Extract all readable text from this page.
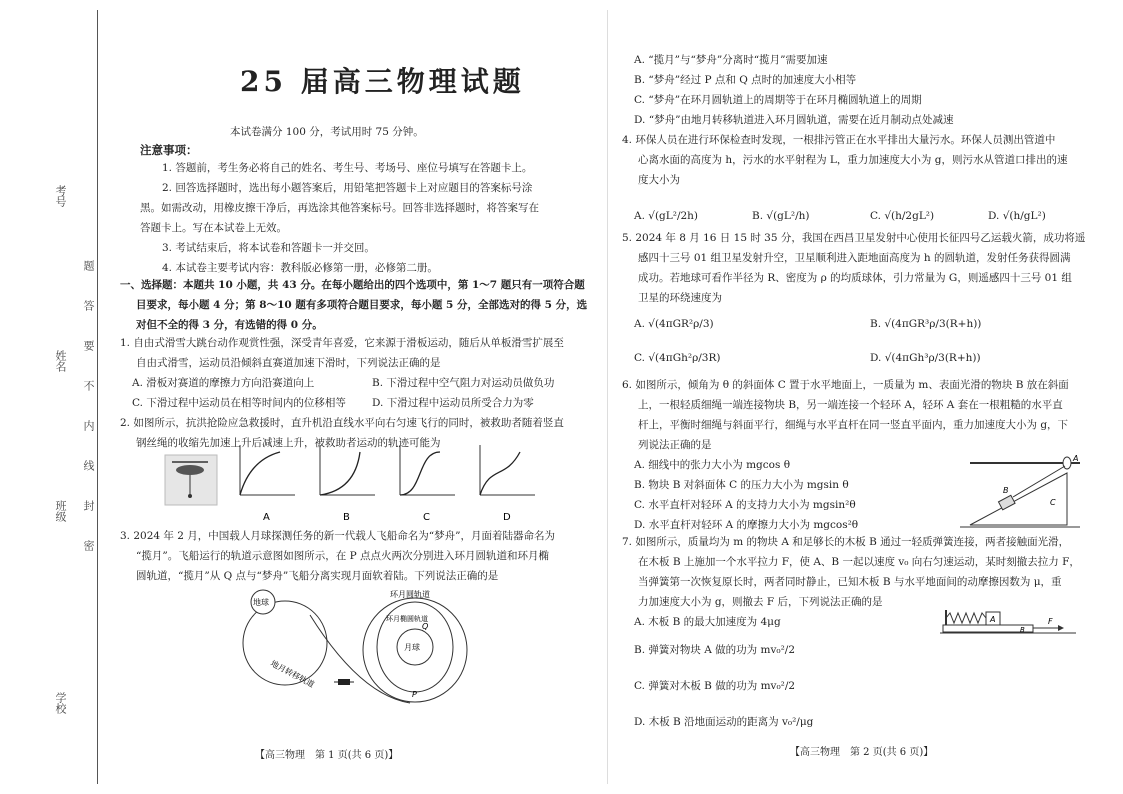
考号
姓名
班级
学校
题
答
要
不
内
线
封
密
25 届高三物理试题
本试卷满分 100 分，考试用时 75 分钟。
注意事项：
1. 答题前，考生务必将自己的姓名、考生号、考场号、座位号填写在答题卡上。
2. 回答选择题时，选出每小题答案后，用铅笔把答题卡上对应题目的答案标号涂
黑。如需改动，用橡皮擦干净后，再选涂其他答案标号。回答非选择题时，将答案写在
答题卡上。写在本试卷上无效。
3. 考试结束后，将本试卷和答题卡一并交回。
4. 本试卷主要考试内容：教科版必修第一册，必修第二册。
一、选择题：本题共 10 小题，共 43 分。在每小题给出的四个选项中，第 1～7 题只有一项符合题
目要求，每小题 4 分；第 8～10 题有多项符合题目要求，每小题 5 分，全部选对的得 5 分，选
对但不全的得 3 分，有选错的得 0 分。
1. 自由式滑雪大跳台动作观赏性强，深受青年喜爱，它来源于滑板运动，随后从单板滑雪扩展至
自由式滑雪，运动员沿倾斜直赛道加速下滑时，下列说法正确的是
A. 滑板对赛道的摩擦力方向沿赛道向上	B. 下滑过程中空气阻力对运动员做负功
C. 下滑过程中运动员在相等时间内的位移相等 D. 下滑过程中运动员所受合力为零
2. 如图所示，抗洪抢险应急救援时，直升机沿直线水平向右匀速飞行的同时，被救助者随着竖直
钢丝绳的收缩先加速上升后减速上升，被救助者运动的轨迹可能为
A	B	C	D
3. 2024 年 2 月，中国载人月球探测任务的新一代载人飞船命名为“梦舟”，月面着陆器命名为
“揽月”。飞船运行的轨道示意图如图所示，在 P 点点火两次分别进入环月圆轨道和环月椭
圆轨道，“揽月”从 Q 点与“梦舟”飞船分离实现月面软着陆。下列说法正确的是
地球
地月转移轨道
月球
环月圆轨道
环月椭圆轨道
Q
P
【高三物理　第 1 页(共 6 页)】
A. “揽月”与“梦舟”分离时“揽月”需要加速
B. “梦舟”经过 P 点和 Q 点时的加速度大小相等
C. “梦舟”在环月圆轨道上的周期等于在环月椭圆轨道上的周期
D. “梦舟”由地月转移轨道进入环月圆轨道，需要在近月制动点处减速
4. 环保人员在进行环保检查时发现，一根排污管正在水平排出大量污水。环保人员测出管道中
心离水面的高度为 h，污水的水平射程为 L，重力加速度大小为 g，则污水从管道口排出的速
度大小为
A. √(gL²/2h)	B. √(gL²/h)	C. √(h/2gL²)	D. √(h/gL²)
5. 2024 年 8 月 16 日 15 时 35 分，我国在西昌卫星发射中心使用长征四号乙运载火箭，成功将遥
感四十三号 01 组卫星发射升空，卫星顺利进入距地面高度为 h 的圆轨道，发射任务获得圆满
成功。若地球可看作半径为 R、密度为 ρ 的均质球体，引力常量为 G，则遥感四十三号 01 组
卫星的环绕速度为
A. √(4πGR²ρ/3)	B. √(4πGR³ρ/3(R+h))
C. √(4πGh²ρ/3R)	D. √(4πGh³ρ/3(R+h))
6. 如图所示，倾角为 θ 的斜面体 C 置于水平地面上，一质量为 m、表面光滑的物块 B 放在斜面
上，一根轻质细绳一端连接物块 B，另一端连接一个轻环 A，轻环 A 套在一根粗糙的水平直
杆上，平衡时细绳与斜面平行，细绳与水平直杆在同一竖直平面内，重力加速度大小为 g，下
列说法正确的是
A. 细线中的张力大小为 mgcos θ
B. 物块 B 对斜面体 C 的压力大小为 mgsin θ
C. 水平直杆对轻环 A 的支持力大小为 mgsin²θ
D. 水平直杆对轻环 A 的摩擦力大小为 mgcos²θ
A
B
C
7. 如图所示，质量均为 m 的物块 A 和足够长的木板 B 通过一轻质弹簧连接，两者接触面光滑，
在木板 B 上施加一个水平拉力 F，使 A、B 一起以速度 v₀ 向右匀速运动，某时刻撤去拉力 F，
当弹簧第一次恢复原长时，两者同时静止，已知木板 B 与水平地面间的动摩擦因数为 μ，重
力加速度大小为 g，则撤去 F 后，下列说法正确的是
A. 木板 B 的最大加速度为 4μg
B. 弹簧对物块 A 做的功为 mv₀²/2
C. 弹簧对木板 B 做的功为 mv₀²/2
D. 木板 B 沿地面运动的距离为 v₀²/μg
A
B
F
【高三物理　第 2 页(共 6 页)】
